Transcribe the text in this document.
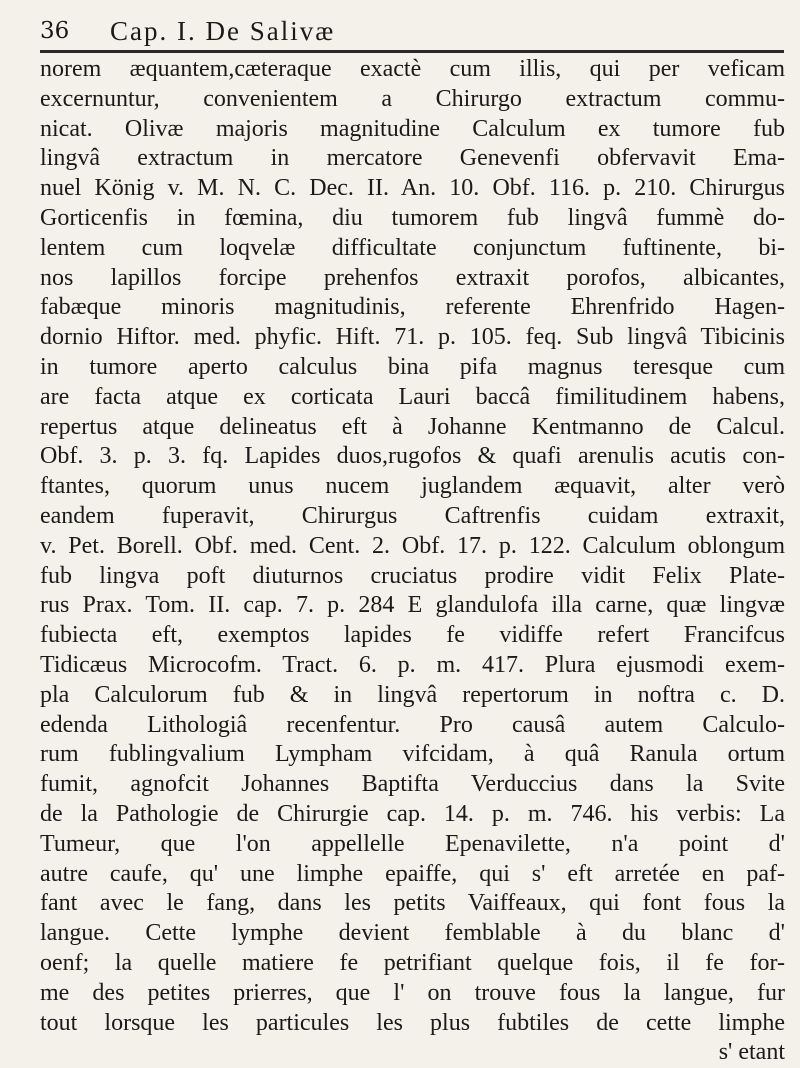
36	Cap. I. De Salivæ
norem æquantem,cæteraque exactè cum illis, qui per veficam
excernuntur, convenientem a Chirurgo extractum commu-
nicat. Olivæ majoris magnitudine Calculum ex tumore fub
lingvâ extractum in mercatore Genevenfi obfervavit Ema-
nuel König v. M. N. C. Dec. II. An. 10. Obf. 116. p. 210. Chirurgus
Gorticenfis in fœmina, diu tumorem fub lingvâ fummè do-
lentem cum loqvelæ difficultate conjunctum fuftinente, bi-
nos lapillos forcipe prehenfos extraxit porofos, albicantes,
fabæque minoris magnitudinis, referente Ehrenfrido Hagen-
dornio Hiftor. med. phyfic. Hift. 71. p. 105. feq. Sub lingvâ Tibicinis
in tumore aperto calculus bina pifa magnus teresque cum
are facta atque ex corticata Lauri baccâ fimilitudinem habens,
repertus atque delineatus eft à Johanne Kentmanno de Calcul.
Obf. 3. p. 3. fq. Lapides duos,rugofos & quafi arenulis acutis con-
ftantes, quorum unus nucem juglandem æquavit, alter verò
eandem fuperavit, Chirurgus Caftrenfis cuidam extraxit,
v. Pet. Borell. Obf. med. Cent. 2. Obf. 17. p. 122. Calculum oblongum
fub lingva poft diuturnos cruciatus prodire vidit Felix Plate-
rus Prax. Tom. II. cap. 7. p. 284 E glandulofa illa carne, quæ lingvæ
fubiecta eft, exemptos lapides fe vidiffe refert Francifcus
Tidicæus Microcofm. Tract. 6. p. m. 417. Plura ejusmodi exem-
pla Calculorum fub & in lingvâ repertorum in noftra c. D.
edenda Lithologiâ recenfentur. Pro causâ autem Calculo-
rum fublingvalium Lympham vifcidam, à quâ Ranula ortum
fumit, agnofcit Johannes Baptifta Verduccius dans la Svite
de la Pathologie de Chirurgie cap. 14. p. m. 746. his verbis: La
Tumeur, que l'on appellelle Epenavilette, n'a point d'
autre caufe, qu' une limphe epaiffe, qui s' eft arretée en paf-
fant avec le fang, dans les petits Vaiffeaux, qui font fous la
langue. Cette lymphe devient femblable à du blanc d'
oenf; la quelle matiere fe petrifiant quelque fois, il fe for-
me des petites prierres, que l' on trouve fous la langue, fur
tout lorsque les particules les plus fubtiles de cette limphe
s' etant
